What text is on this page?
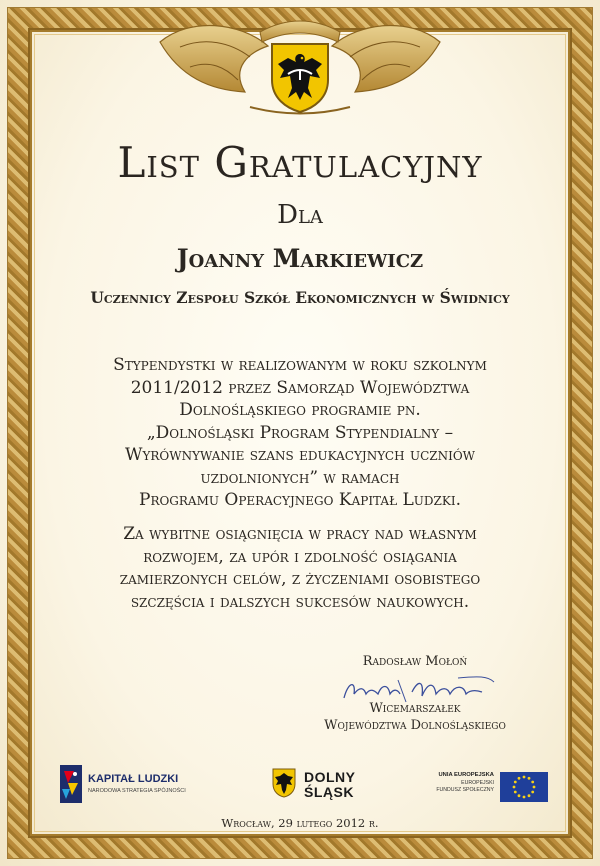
List Gratulacyjny
Dla
Joanny Markiewicz
Uczennicy Zespołu Szkół Ekonomicznych w Świdnicy
Stypendystki w realizowanym w roku szkolnym
2011/2012 przez Samorząd Województwa
Dolnośląskiego programie pn.
„Dolnośląski Program Stypendialny –
Wyrównywanie szans edukacyjnych uczniów
uzdolnionych” w ramach
Programu Operacyjnego Kapitał Ludzki.
Za wybitne osiągnięcia w pracy nad własnym
rozwojem, za upór i zdolność osiągania
zamierzonych celów, z życzeniami osobistego
szczęścia i dalszych sukcesów naukowych.
Radosław Mołoń
Wicemarszałek
Województwa Dolnośląskiego
KAPITAŁ LUDZKI
NARODOWA STRATEGIA SPÓJNOŚCI
DOLNY
ŚLĄSK
UNIA EUROPEJSKA
EUROPEJSKI
FUNDUSZ SPOŁECZNY
Wrocław, 29 lutego 2012 r.
